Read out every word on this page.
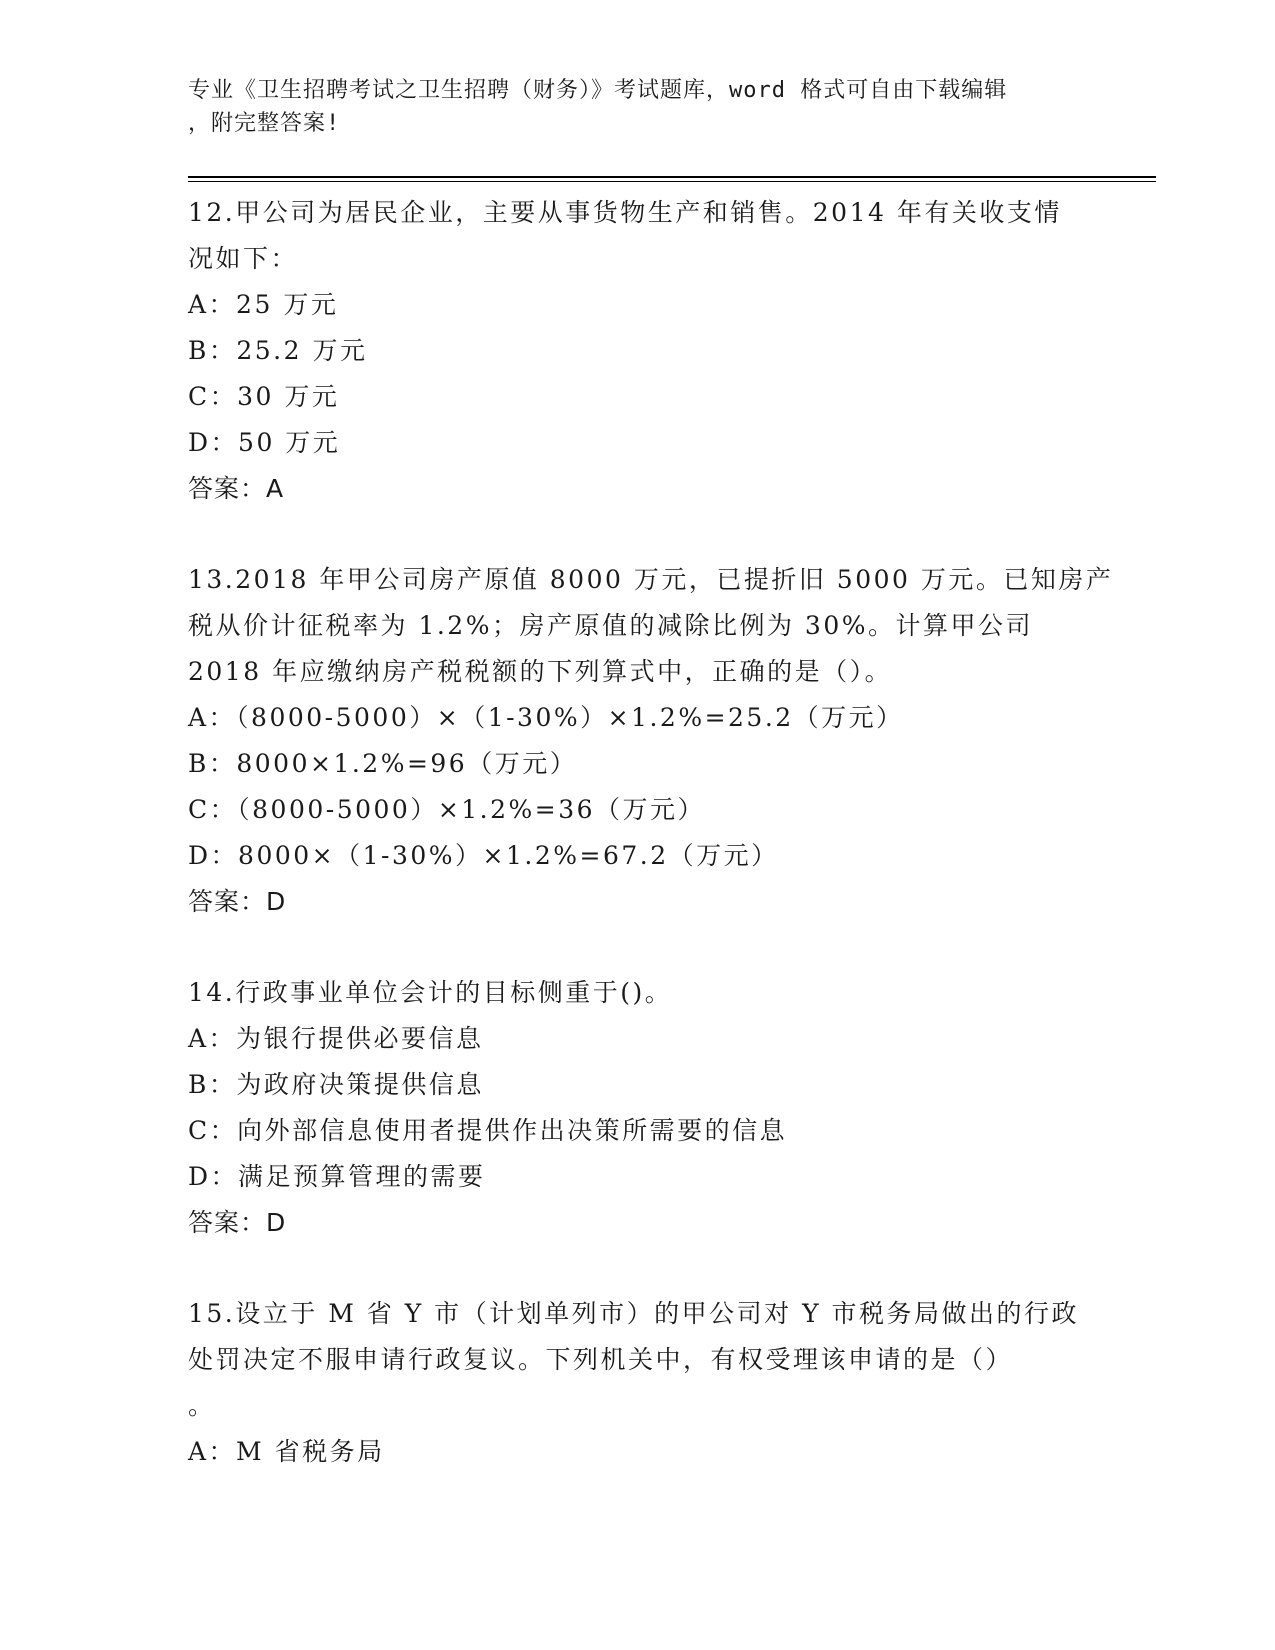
专业《卫生招聘考试之卫生招聘（财务）》考试题库，word 格式可自由下载编辑
，附完整答案!
12.甲公司为居民企业，主要从事货物生产和销售。2014 年有关收支情
况如下：
A：25 万元
B：25.2 万元
C：30 万元
D：50 万元
答案：A
13.2018 年甲公司房产原值 8000 万元，已提折旧 5000 万元。已知房产
税从价计征税率为 1.2%；房产原值的减除比例为 30%。计算甲公司
2018 年应缴纳房产税税额的下列算式中，正确的是（）。
A：（8000-5000）×（1-30%）×1.2%=25.2（万元）
B：8000×1.2%=96（万元）
C：（8000-5000）×1.2%=36（万元）
D：8000×（1-30%）×1.2%=67.2（万元）
答案：D
14.行政事业单位会计的目标侧重于()。
A：为银行提供必要信息
B：为政府决策提供信息
C：向外部信息使用者提供作出决策所需要的信息
D：满足预算管理的需要
答案：D
15.设立于 M 省 Y 市（计划单列市）的甲公司对 Y 市税务局做出的行政
处罚决定不服申请行政复议。下列机关中，有权受理该申请的是（）
。
A：M 省税务局
